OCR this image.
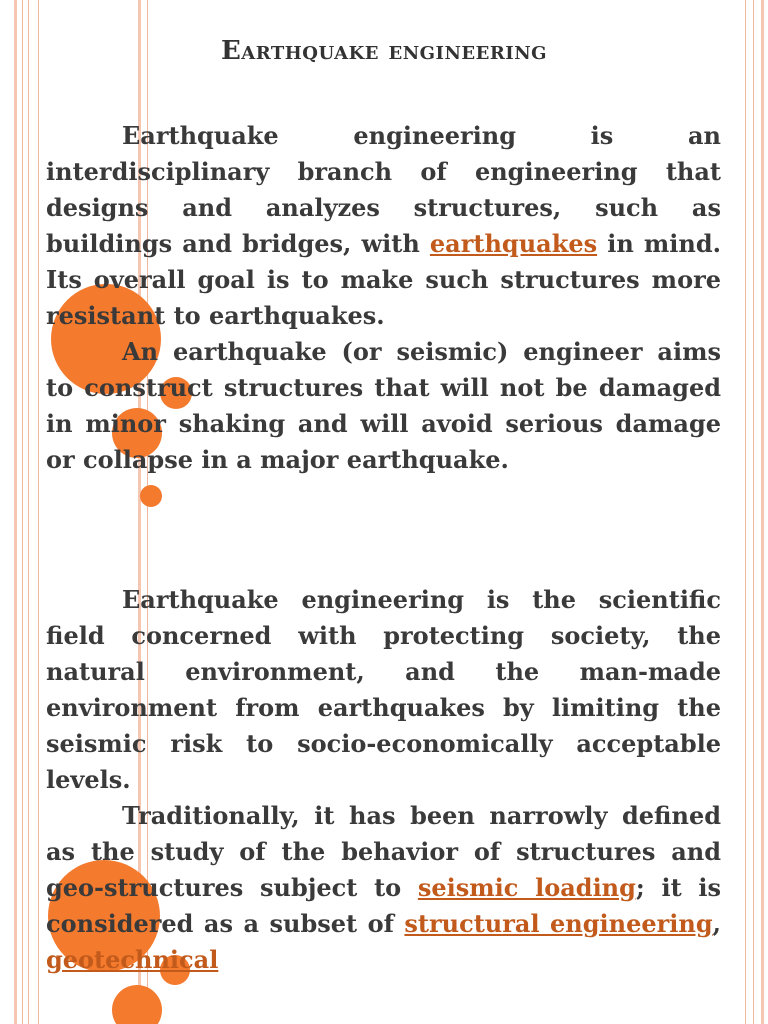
Earthquake engineering

Earthquake engineering is an interdisciplinary branch of engineering that designs and analyzes structures, such as buildings and bridges, with earthquakes in mind. Its overall goal is to make such structures more resistant to earthquakes.

An earthquake (or seismic) engineer aims to construct structures that will not be damaged in minor shaking and will avoid serious damage or collapse in a major earthquake.

Earthquake engineering is the scientific field concerned with protecting society, the natural environment, and the man-made environment from earthquakes by limiting the seismic risk to socio-economically acceptable levels.

Traditionally, it has been narrowly defined as the study of the behavior of structures and geo-structures subject to seismic loading; it is considered as a subset of structural engineering, geotechnical
